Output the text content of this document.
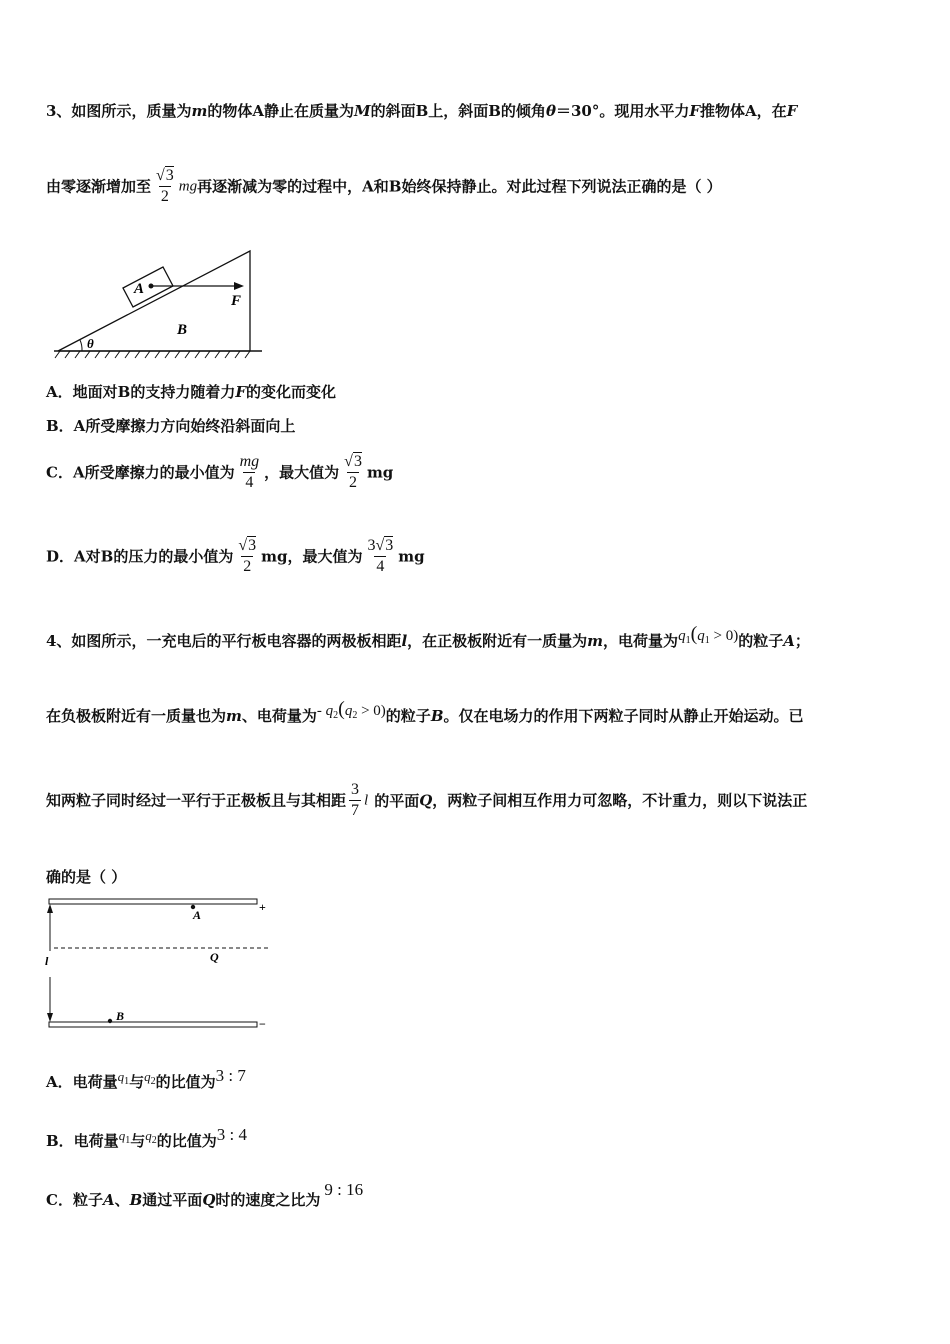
3、如图所示，质量为m的物体A静止在质量为M的斜面B上，斜面B的倾角θ＝30°。现用水平力F推物体A，在F
由零逐渐增加至 $\frac{√3}{2}$ mg再逐渐减为零的过程中，A和B始终保持静止。对此过程下列说法正确的是（ ）
A
F
B
θ
A．地面对B的支持力随着力F的变化而变化
B．A所受摩擦力方向始终沿斜面向上
C．A所受摩擦力的最小值为 $\frac{mg}{4}$ ，最大值为 $\frac{√3}{2}$ mg
D．A对B的压力的最小值为 $\frac{√3}{2}$ mg，最大值为 $\frac{3√3}{4}$ mg
4、如图所示，一充电后的平行板电容器的两极板相距l，在正极板附近有一质量为m，电荷量为$q_1(q_1 > 0)$的粒子A；
在负极板附近有一质量也为m、电荷量为- $q_2(q_2 > 0)$的粒子B。仅在电场力的作用下两粒子同时从静止开始运动。已
知两粒子同时经过一平行于正极板且与其相距 $\frac{3}{7}$ l 的平面Q，两粒子间相互作用力可忽略，不计重力，则以下说法正
确的是（ ）
A
B
Q
l
+
−
A．电荷量$q_1$与$q_2$的比值为3 : 7
B．电荷量$q_1$与$q_2$的比值为3 : 4
C．粒子A、B通过平面Q时的速度之比为9 : 16
